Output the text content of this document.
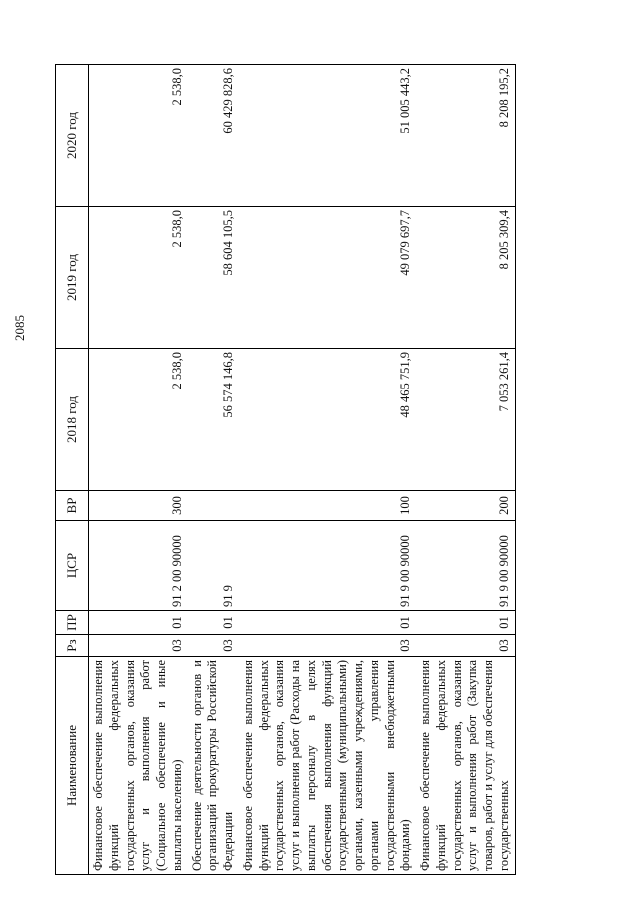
2085
Наименование	Рз	ПР	ЦСР	ВР	2018 год	2019 год	2020 год
Финансовое обеспечение выполнения функций федеральных государственных органов, оказания услуг и выполнения работ (Социальное обеспечение и иные выплаты населению)	03	01	91 2 00 90000	300	2 538,0	2 538,0	2 538,0
Обеспечение деятельности органов и организаций прокуратуры Российской Федерации	03	01	91 9		56 574 146,8	58 604 105,5	60 429 828,6
Финансовое обеспечение выполнения функций федеральных государственных органов, оказания услуг и выполнения работ (Расходы на выплаты персоналу в целях обеспечения выполнения функций государственными (муниципальными) органами, казенными учреждениями, органами управления государственными внебюджетными фондами)	03	01	91 9 00 90000	100	48 465 751,9	49 079 697,7	51 005 443,2
Финансовое обеспечение выполнения функций федеральных государственных органов, оказания услуг и выполнения работ (Закупка товаров, работ и услуг для обеспечения государственных	03	01	91 9 00 90000	200	7 053 261,4	8 205 309,4	8 208 195,2
